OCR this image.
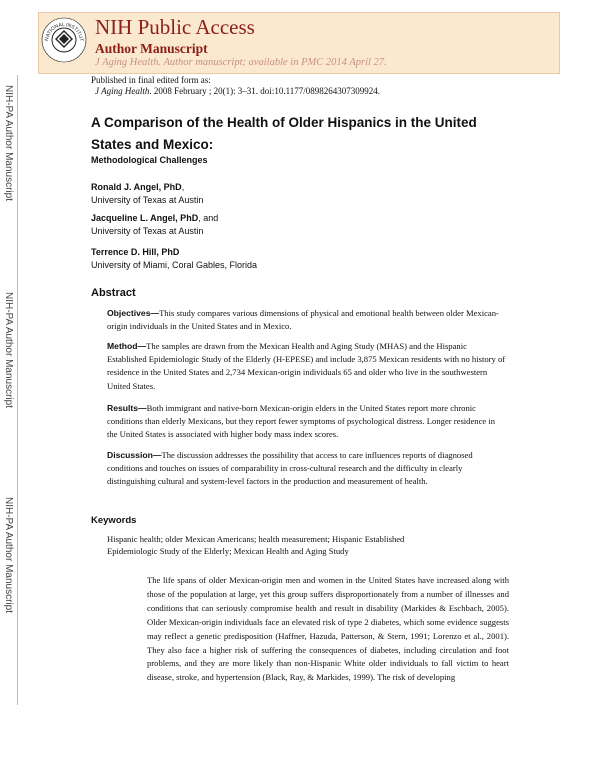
NIH-PA Author Manuscript
NIH-PA Author Manuscript
NIH-PA Author Manuscript
NATIONAL INSTITUT
NIH Public Access
Author Manuscript
J Aging Health. Author manuscript; available in PMC 2014 April 27.
Published in final edited form as:
J Aging Health. 2008 February ; 20(1): 3–31. doi:10.1177/0898264307309924.
A Comparison of the Health of Older Hispanics in the United States and Mexico:
Methodological Challenges
Ronald J. Angel, PhD,
University of Texas at Austin
Jacqueline L. Angel, PhD, and
University of Texas at Austin
Terrence D. Hill, PhD
University of Miami, Coral Gables, Florida
Abstract
Objectives—This study compares various dimensions of physical and emotional health between older Mexican-origin individuals in the United States and in Mexico.
Method—The samples are drawn from the Mexican Health and Aging Study (MHAS) and the Hispanic Established Epidemiologic Study of the Elderly (H-EPESE) and include 3,875 Mexican residents with no history of residence in the United States and 2,734 Mexican-origin individuals 65 and older who live in the southwestern United States.
Results—Both immigrant and native-born Mexican-origin elders in the United States report more chronic conditions than elderly Mexicans, but they report fewer symptoms of psychological distress. Longer residence in the United States is associated with higher body mass index scores.
Discussion—The discussion addresses the possibility that access to care influences reports of diagnosed conditions and touches on issues of comparability in cross-cultural research and the difficulty in clearly distinguishing cultural and system-level factors in the production and measurement of health.
Keywords
Hispanic health; older Mexican Americans; health measurement; Hispanic Established Epidemiologic Study of the Elderly; Mexican Health and Aging Study
The life spans of older Mexican-origin men and women in the United States have increased along with those of the population at large, yet this group suffers disproportionately from a number of illnesses and conditions that can seriously compromise health and result in disability (Markides & Eschbach, 2005). Older Mexican-origin individuals face an elevated risk of type 2 diabetes, which some evidence suggests may reflect a genetic predisposition (Haffner, Hazuda, Patterson, & Stern, 1991; Lorenzo et al., 2001). They also face a higher risk of suffering the consequences of diabetes, including circulation and foot problems, and they are more likely than non-Hispanic White older individuals to fall victim to heart disease, stroke, and hypertension (Black, Ray, & Markides, 1999). The risk of developing
